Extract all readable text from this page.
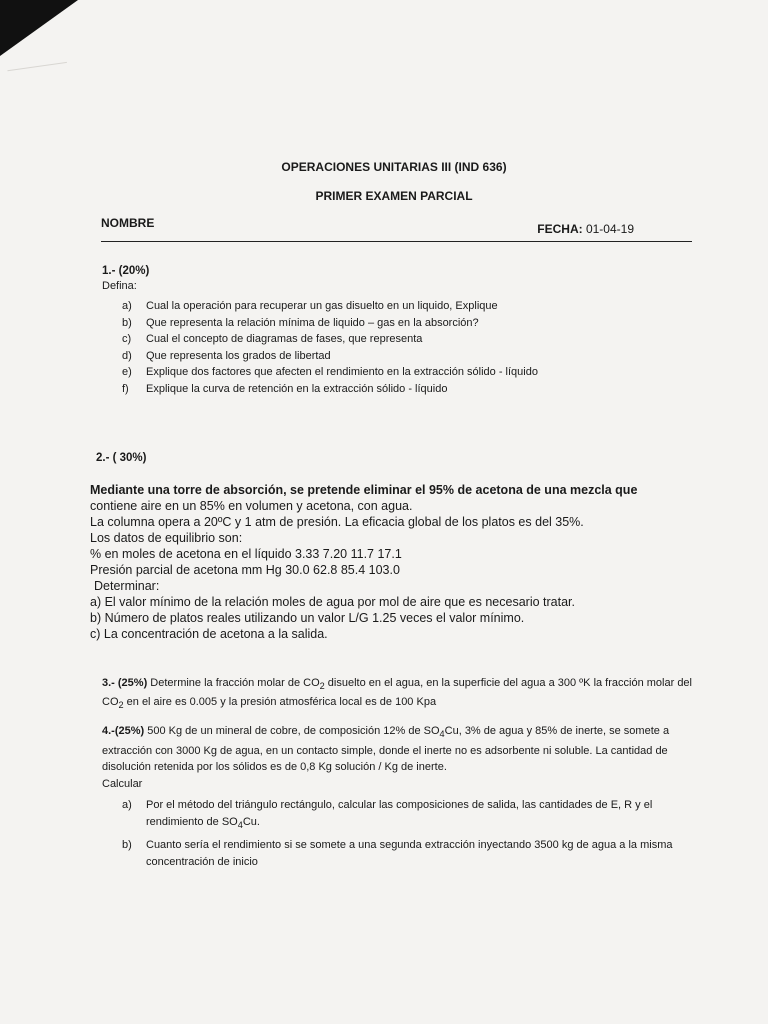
OPERACIONES UNITARIAS III (IND 636)
PRIMER EXAMEN PARCIAL
NOMBRE	FECHA: 01-04-19
1.- (20%)
Defina:
a) Cual la operación para recuperar un gas disuelto en un liquido, Explique
b) Que representa la relación mínima de liquido – gas en la absorción?
c) Cual el concepto de diagramas de fases, que representa
d) Que representa los grados de libertad
e) Explique dos factores que afecten el rendimiento en la extracción sólido - líquido
f) Explique la curva de retención en la extracción sólido - líquido
2.- ( 30%)
Mediante una torre de absorción, se pretende eliminar el 95% de acetona de una mezcla que
contiene aire en un 85% en volumen y acetona, con agua.
La columna opera a 20ºC y 1 atm de presión. La eficacia global de los platos es del 35%.
Los datos de equilibrio son:
% en moles de acetona en el líquido 3.33 7.20 11.7 17.1
Presión parcial de acetona mm Hg 30.0 62.8 85.4 103.0
Determinar:
a) El valor mínimo de la relación moles de agua por mol de aire que es necesario tratar.
b) Número de platos reales utilizando un valor L/G 1.25 veces el valor mínimo.
c) La concentración de acetona a la salida.
3.- (25%) Determine la fracción molar de $CO_2$ disuelto en el agua, en la superficie del agua a 300 ºK la fracción molar del $CO_2$ en el aire es 0.005 y la presión atmosférica local es de 100 Kpa
4.-(25%) 500 Kg de un mineral de cobre, de composición 12% de $SO_4Cu$, 3% de agua y 85% de inerte, se somete a extracción con 3000 Kg de agua, en un contacto simple, donde el inerte no es adsorbente ni soluble. La cantidad de disolución retenida por los sólidos es de 0,8 Kg solución / Kg de inerte.
Calcular
a) Por el método del triángulo rectángulo, calcular las composiciones de salida, las cantidades de E, R y el rendimiento de $SO_4Cu$.
b) Cuanto sería el rendimiento si se somete a una segunda extracción inyectando 3500 kg de agua a la misma concentración de inicio
